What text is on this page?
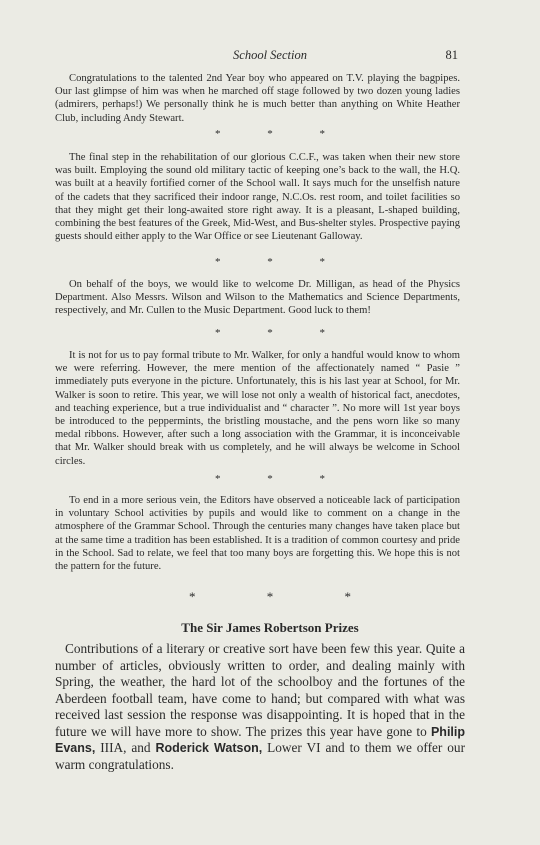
School Section	81

Congratulations to the talented 2nd Year boy who appeared on T.V. playing the bagpipes. Our last glimpse of him was when he marched off stage followed by two dozen young ladies (admirers, perhaps!) We personally think he is much better than anything on White Heather Club, including Andy Stewart.

* * *

The final step in the rehabilitation of our glorious C.C.F., was taken when their new store was built. Employing the sound old military tactic of keeping one’s back to the wall, the H.Q. was built at a heavily fortified corner of the School wall. It says much for the unselfish nature of the cadets that they sacrificed their indoor range, N.C.Os. rest room, and toilet facilities so that they might get their long-awaited store right away. It is a pleasant, L-shaped building, combining the best features of the Greek, Mid-West, and Bus-shelter styles. Prospective paying guests should either apply to the War Office or see Lieutenant Galloway.

* * *

On behalf of the boys, we would like to welcome Dr. Milligan, as head of the Physics Department. Also Messrs. Wilson and Wilson to the Mathematics and Science Departments, respectively, and Mr. Cullen to the Music Department. Good luck to them!

* * *

It is not for us to pay formal tribute to Mr. Walker, for only a handful would know to whom we were referring. However, the mere mention of the affectionately named “ Pasie ” immediately puts everyone in the picture. Unfortunately, this is his last year at School, for Mr. Walker is soon to retire. This year, we will lose not only a wealth of historical fact, anecdotes, and teaching experience, but a true individualist and “ character ”. No more will 1st year boys be introduced to the peppermints, the bristling moustache, and the pens worn like so many medal ribbons. However, after such a long association with the Grammar, it is inconceivable that Mr. Walker should break with us completely, and he will always be welcome in School circles.

* * *

To end in a more serious vein, the Editors have observed a noticeable lack of participation in voluntary School activities by pupils and would like to comment on a change in the atmosphere of the Grammar School. Through the centuries many changes have taken place but at the same time a tradition has been established. It is a tradition of common courtesy and pride in the School. Sad to relate, we feel that too many boys are forgetting this. We hope this is not the pattern for the future.

* * *
The Sir James Robertson Prizes

Contributions of a literary or creative sort have been few this year. Quite a number of articles, obviously written to order, and dealing mainly with Spring, the weather, the hard lot of the schoolboy and the fortunes of the Aberdeen football team, have come to hand; but compared with what was received last session the response was disappointing. It is hoped that in the future we will have more to show. The prizes this year have gone to Philip Evans, IIIA, and Roderick Watson, Lower VI and to them we offer our warm congratulations.
